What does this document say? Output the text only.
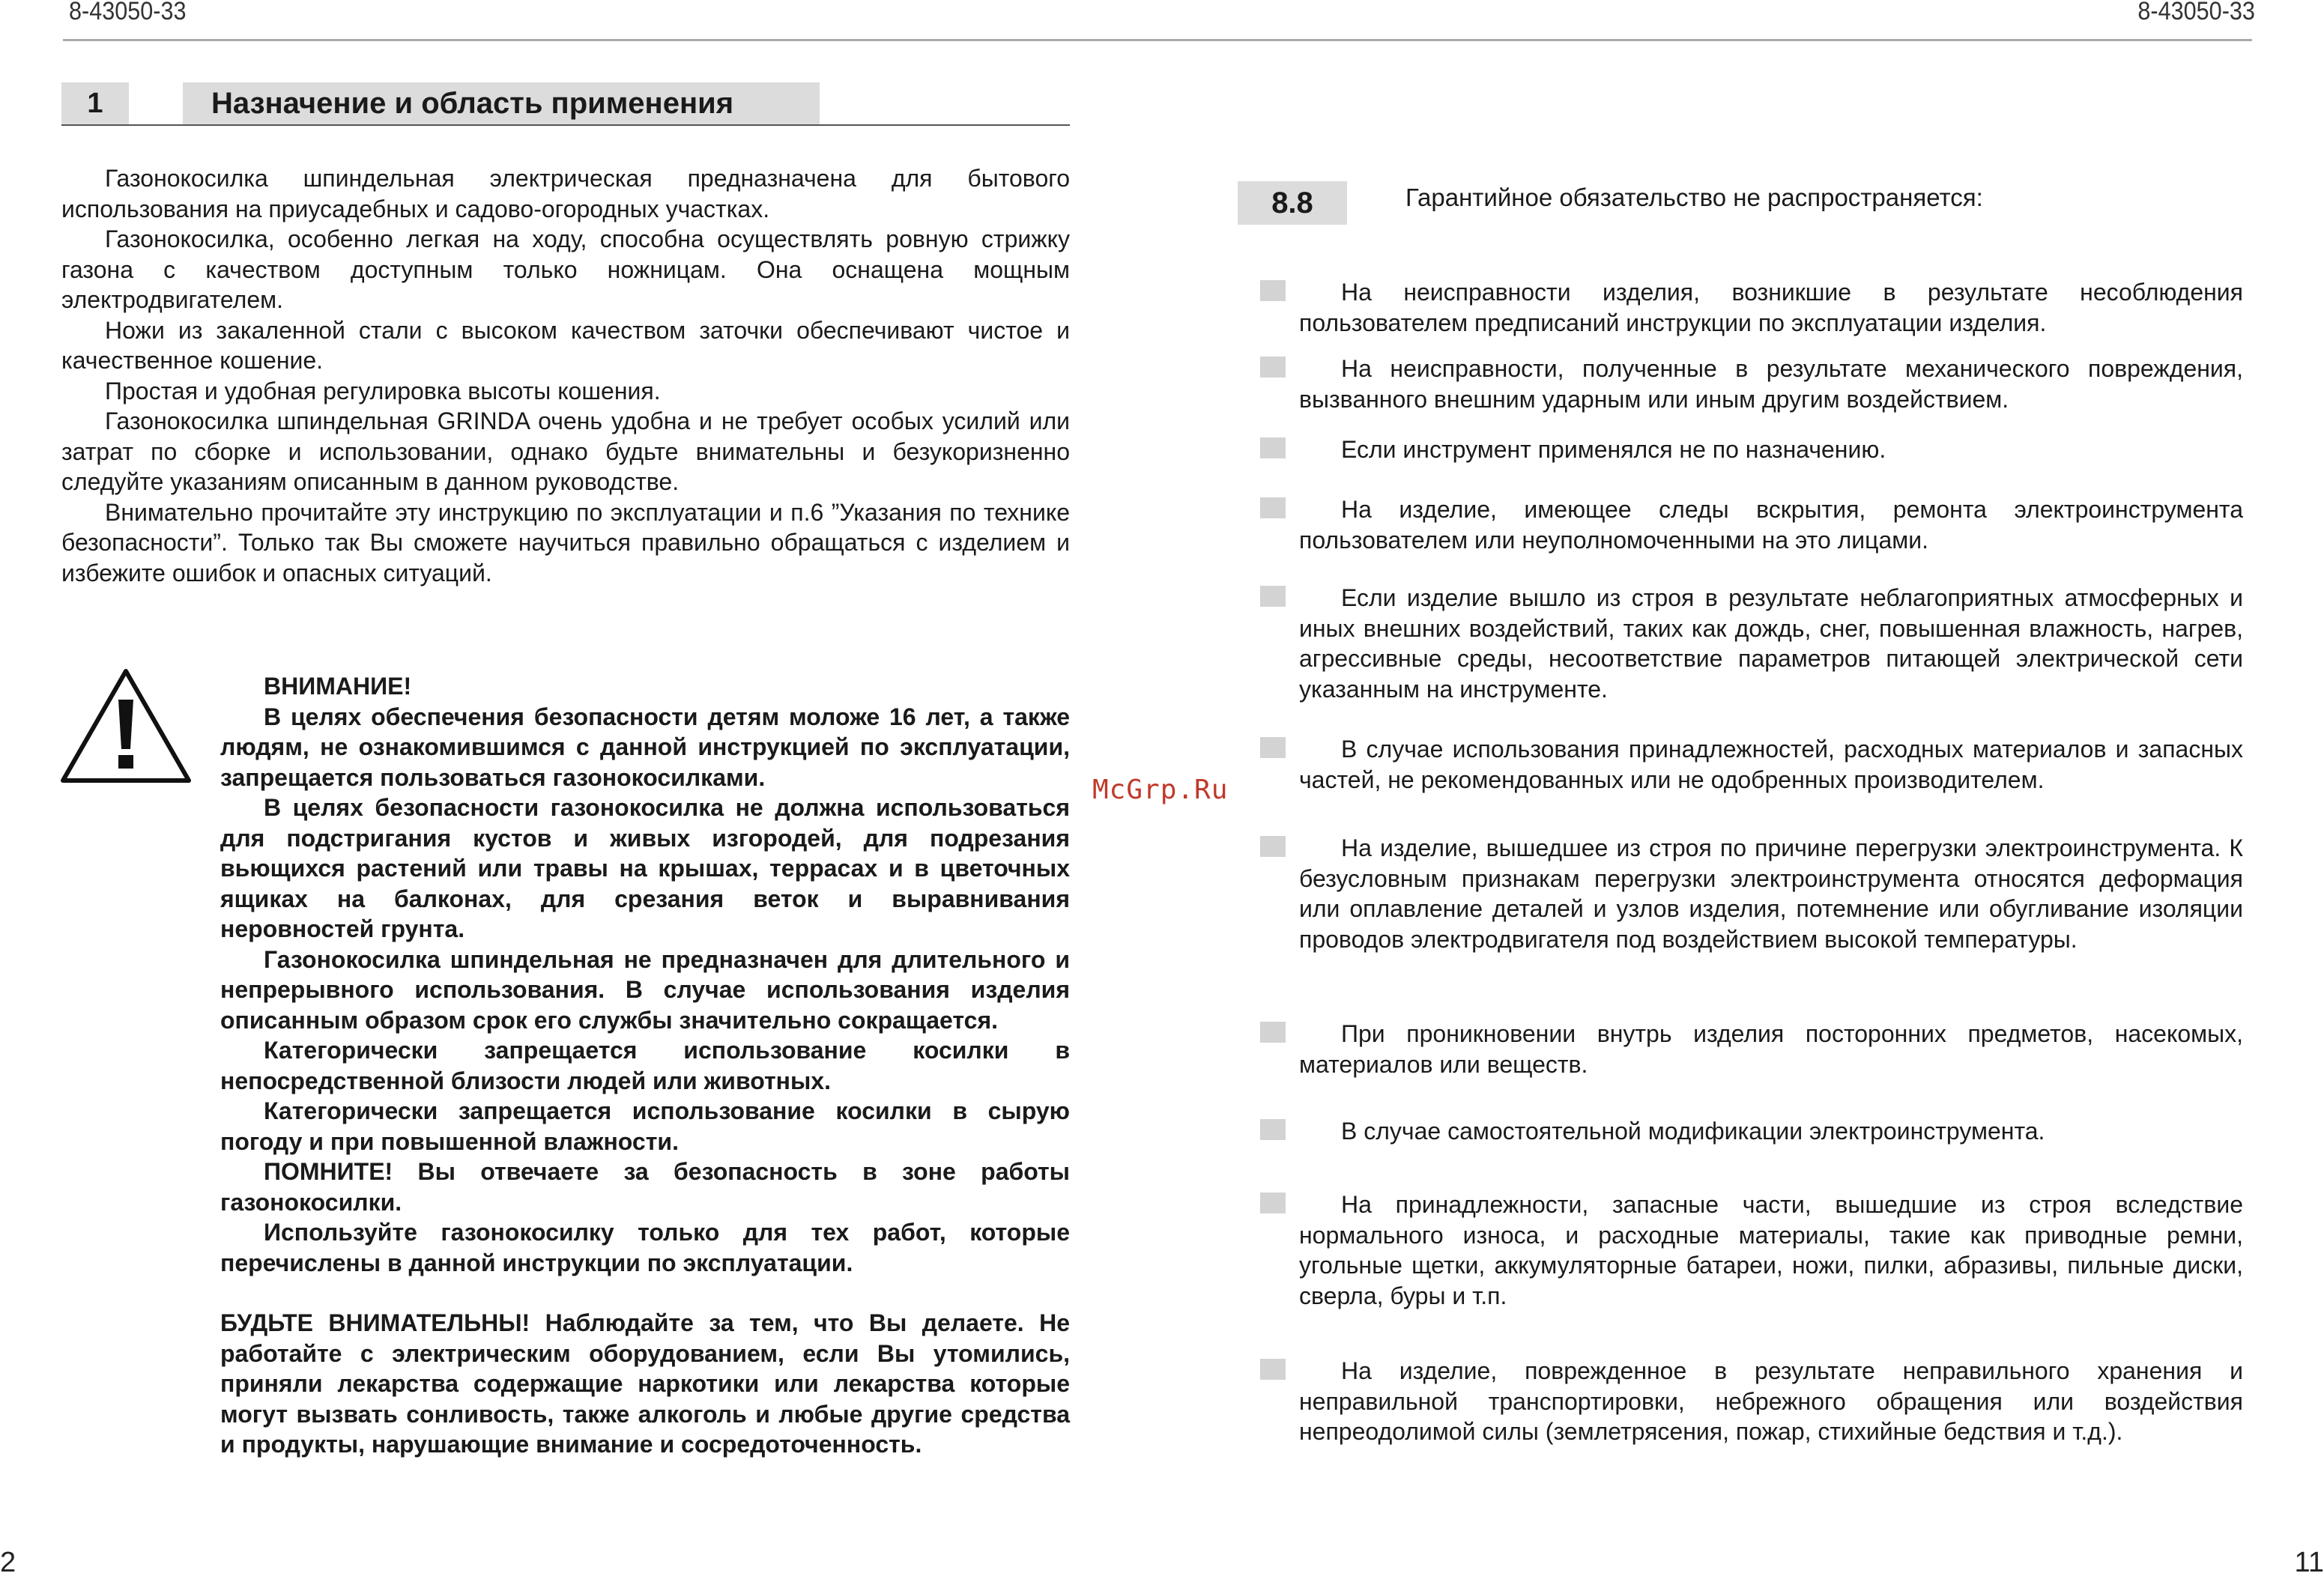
8-43050-33	8-43050-33
1	Назначение и область применения

Газонокосилка шпиндельная электрическая предназначена для бытового использования на приусадебных и садово-огородных участках.

Газонокосилка, особенно легкая на ходу, способна осуществлять ровную стрижку газона с качеством доступным только ножницам. Она оснащена мощным электродвигателем.

Ножи из закаленной стали с высоком качеством заточки обеспечивают чистое и качественное кошение.

Простая и удобная регулировка высоты кошения.

Газонокосилка шпиндельная GRINDA очень удобна и не требует особых усилий или затрат по сборке и использовании, однако будьте внимательны и безукоризненно следуйте указаниям описанным в данном руководстве.

Внимательно прочитайте эту инструкцию по эксплуатации и п.6 ”Указания по технике безопасности”. Только так Вы сможете научиться правильно обращаться с изделием и избежите ошибок и опасных ситуаций.

ВНИМАНИЕ!

В целях обеспечения безопасности детям моложе 16 лет, а также людям, не ознакомившимся с данной инструкцией по эксплуатации, запрещается пользоваться газонокосилками.

В целях безопасности газонокосилка не должна использоваться для подстригания кустов и живых изгородей, для подрезания вьющихся растений или травы на крышах, террасах и в цветочных ящиках на балконах, для срезания веток и выравнивания неровностей грунта.

Газонокосилка шпиндельная не предназначен для длительного и непрерывного использования. В случае использования изделия описанным образом срок его службы значительно сокращается.

Категорически запрещается использование косилки в непосредственной близости людей или животных.

Категорически запрещается использование косилки в сырую погоду и при повышенной влажности.

ПОМНИТЕ! Вы отвечаете за безопасность в зоне работы газонокосилки.

Используйте газонокосилку только для тех работ, которые перечислены в данной инструкции по эксплуатации.

БУДЬТЕ ВНИМАТЕЛЬНЫ! Наблюдайте за тем, что Вы делаете. Не работайте с электрическим оборудованием, если Вы утомились, приняли лекарства содержащие наркотики или лекарства которые могут вызвать сонливость, также алкоголь и любые другие средства и продукты, нарушающие внимание и сосредоточенность.

McGrp.Ru
8.8	Гарантийное обязательство не распространяется:
На неисправности изделия, возникшие в результате несоблюдения пользователем предписаний инструкции по эксплуатации изделия.
На неисправности, полученные в результате механического повреждения, вызванного внешним ударным или иным другим воздействием.
Если инструмент применялся не по назначению.
На изделие, имеющее следы вскрытия, ремонта электроинструмента пользователем или неуполномоченными на это лицами.
Если изделие вышло из строя в результате неблагоприятных атмосферных и иных внешних воздействий, таких как дождь, снег, повышенная влажность, нагрев, агрессивные среды, несоответствие параметров питающей электрической сети указанным на инструменте.
В случае использования принадлежностей, расходных материалов и запасных частей, не рекомендованных или не одобренных производителем.
На изделие, вышедшее из строя по причине перегрузки электроинструмента. К безусловным признакам перегрузки электроинструмента относятся деформация или оплавление деталей и узлов изделия, потемнение или обугливание изоляции проводов электродвигателя под воздействием высокой температуры.
При проникновении внутрь изделия посторонних предметов, насекомых, материалов или веществ.
В случае самостоятельной модификации электроинструмента.
На принадлежности, запасные части, вышедшие из строя вследствие нормального износа, и расходные материалы, такие как приводные ремни, угольные щетки, аккумуляторные батареи, ножи, пилки, абразивы, пильные диски, сверла, буры и т.п.
На изделие, поврежденное в результате неправильного хранения и неправильной транспортировки, небрежного обращения или воздействия непреодолимой силы (землетрясения, пожар, стихийные бедствия и т.д.).
2	11
